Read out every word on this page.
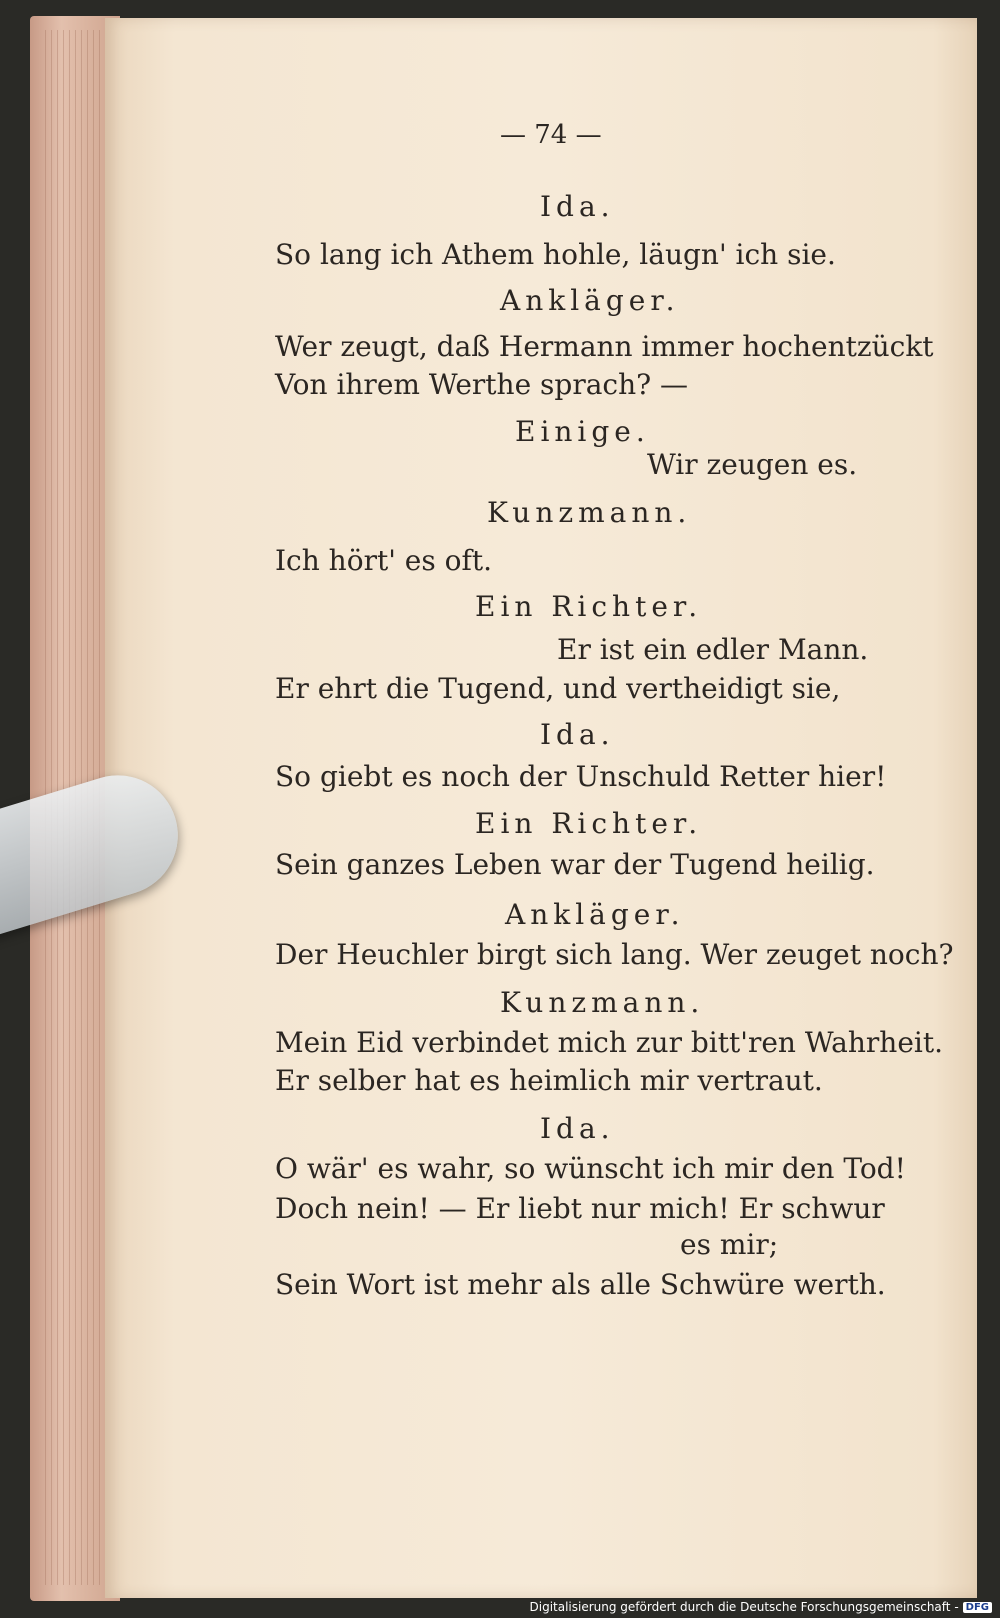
— 74 —
Ida.
So lang ich Athem hohle, läugn' ich sie.
Ankläger.
Wer zeugt, daß Hermann immer hochentzückt
Von ihrem Werthe sprach? —
Einige.
Wir zeugen es.
Kunzmann.
Ich hört' es oft.
Ein Richter.
Er ist ein edler Mann.
Er ehrt die Tugend, und vertheidigt sie,
Ida.
So giebt es noch der Unschuld Retter hier!
Ein Richter.
Sein ganzes Leben war der Tugend heilig.
Ankläger.
Der Heuchler birgt sich lang. Wer zeuget noch?
Kunzmann.
Mein Eid verbindet mich zur bitt'ren Wahrheit.
Er selber hat es heimlich mir vertraut.
Ida.
O wär' es wahr, so wünscht ich mir den Tod!
Doch nein! — Er liebt nur mich! Er schwur
es mir;
Sein Wort ist mehr als alle Schwüre werth.
Digitalisierung gefördert durch die Deutsche Forschungsgemeinschaft - DFG
